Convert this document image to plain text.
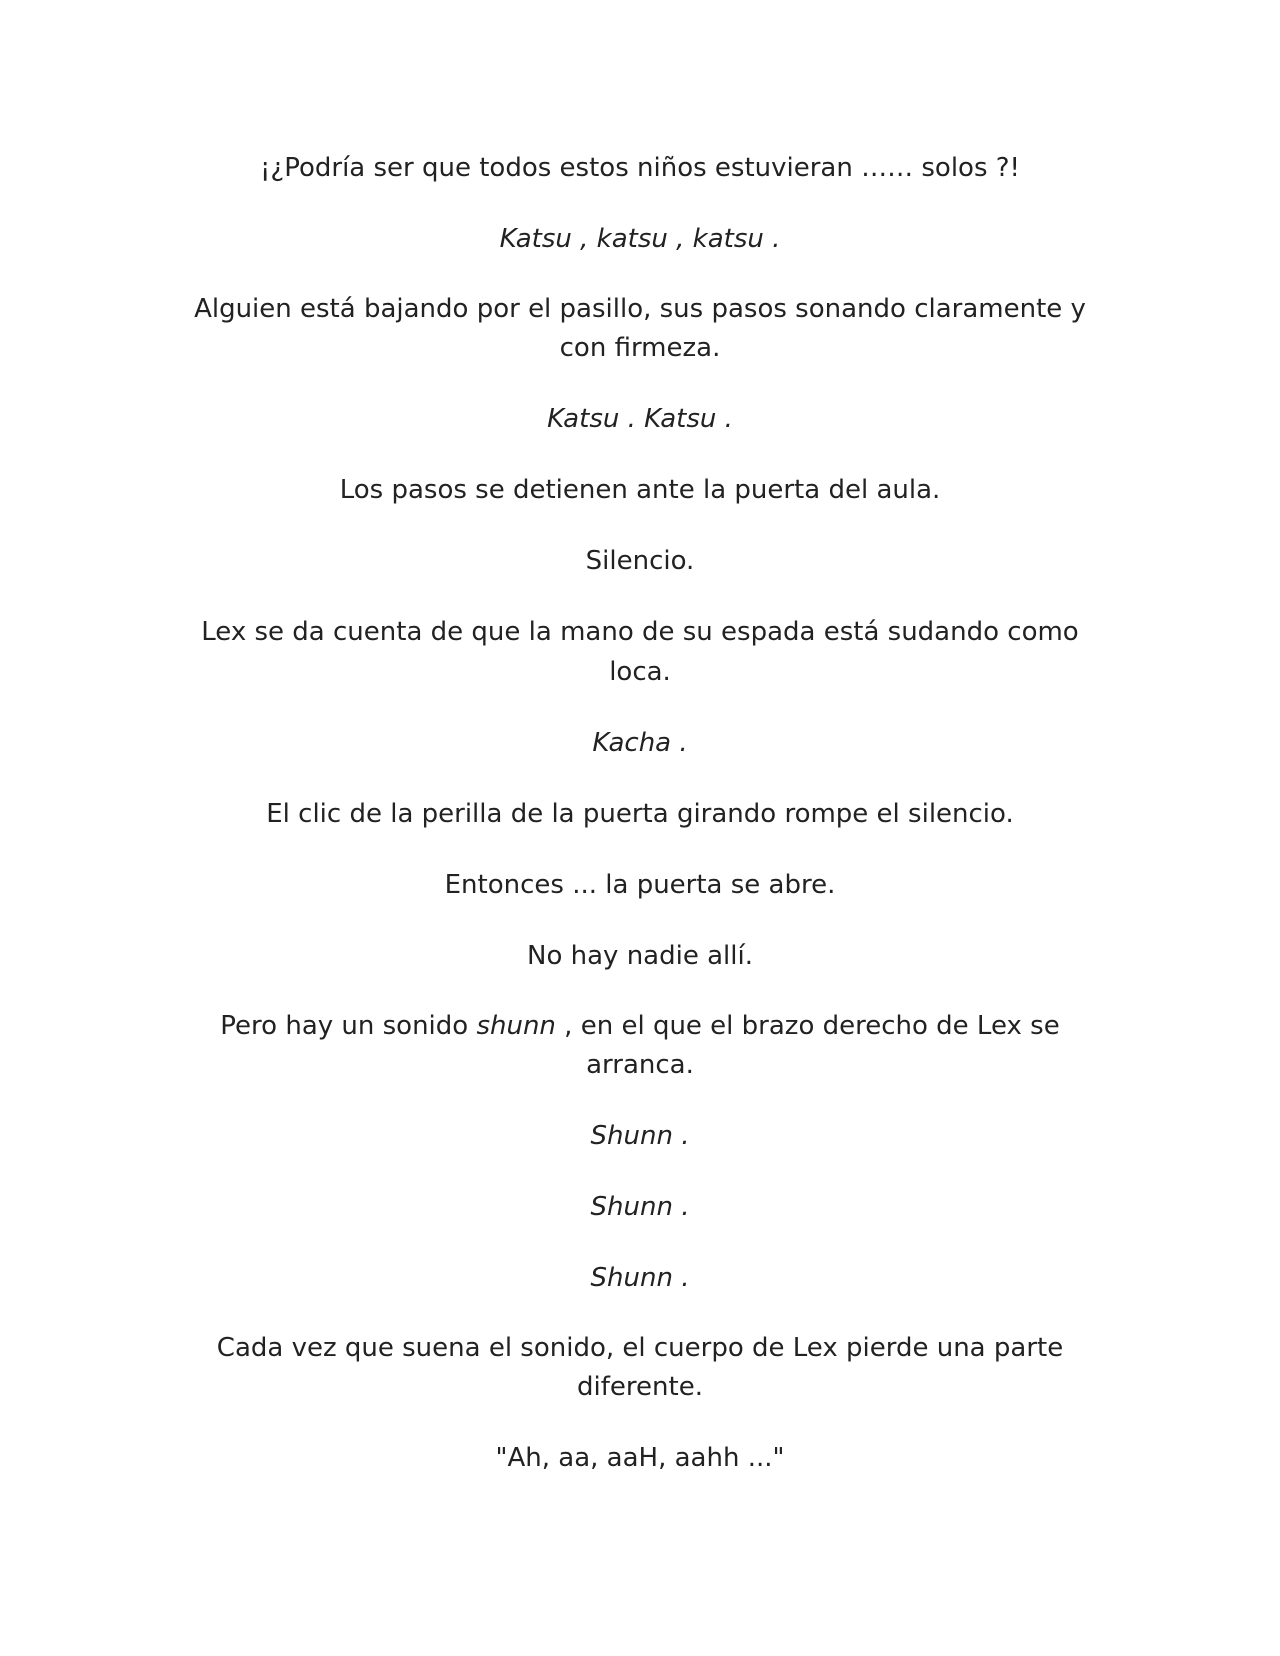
¡¿Podría ser que todos estos niños estuvieran …… solos ?!

Katsu , katsu , katsu .

Alguien está bajando por el pasillo, sus pasos sonando claramente y con firmeza.

Katsu . Katsu .

Los pasos se detienen ante la puerta del aula.

Silencio.

Lex se da cuenta de que la mano de su espada está sudando como loca.

Kacha .

El clic de la perilla de la puerta girando rompe el silencio.

Entonces ... la puerta se abre.

No hay nadie allí.

Pero hay un sonido shunn , en el que el brazo derecho de Lex se arranca.

Shunn .

Shunn .

Shunn .

Cada vez que suena el sonido, el cuerpo de Lex pierde una parte diferente.

"Ah, aa, aaH, aahh ..."
